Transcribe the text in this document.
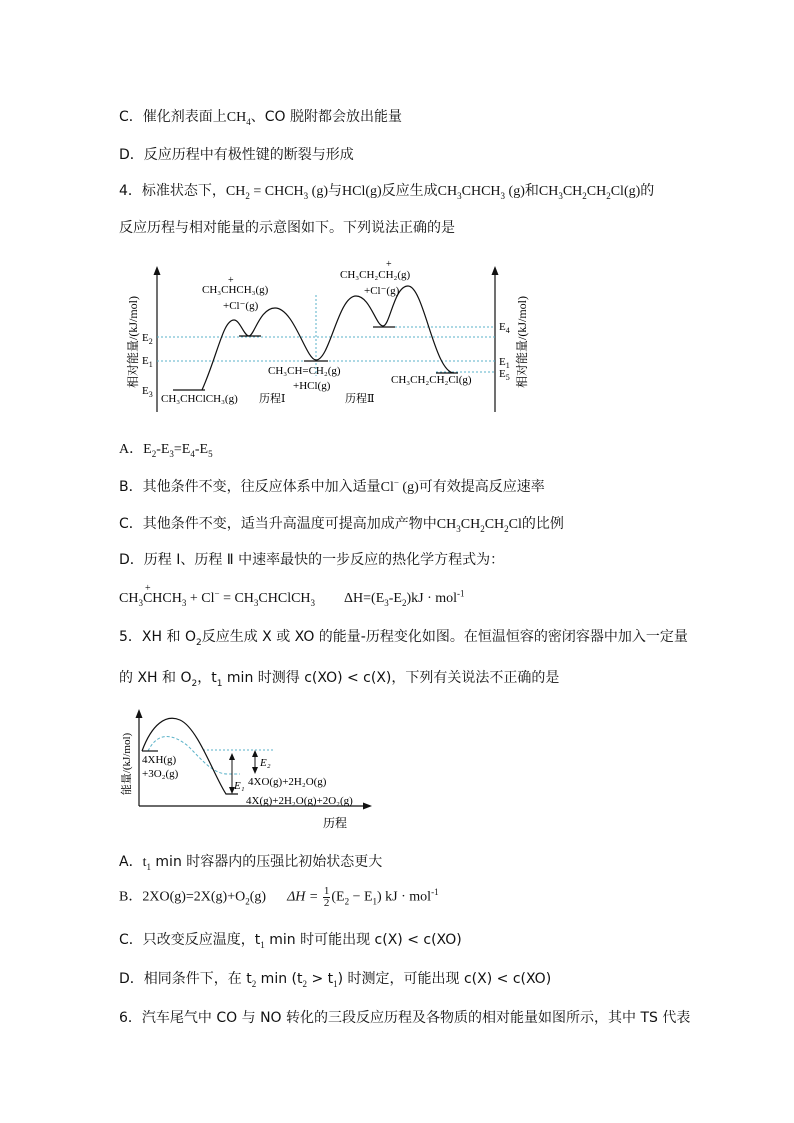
C．催化剂表面上$CH_4$、CO 脱附都会放出能量
D．反应历程中有极性键的断裂与形成
4．标准状态下，$CH_2$ = $CHCH_3$ (g)与HCl(g)反应生成$CH_3CHCH_3$ (g)和$CH_3CH_2CH_2Cl(g)$的
反应历程与相对能量的示意图如下。下列说法正确的是
相对能量/(kJ/mol)	相对能量/(kJ/mol)
$E_2$
$E_1$
$E_3$
$E_4$
$E_1$
$E_5$
CH₃CHClCH₃(g) 历程Ⅰ
CH₃CH=CH₂(g)
+HCl(g)
历程Ⅱ
CH₃CH₂CH₂Cl(g)
+
CH₃CHCH₃(g)
+Cl⁻(g)
+
CH₃CH₂CH₂(g)
+Cl⁻(g)
A．$E_2-E_3=E_4-E_5$
B．其他条件不变，往反应体系中加入适量Cl− (g)可有效提高反应速率
C．其他条件不变，适当升高温度可提高加成产物中$CH_3CH_2CH_2Cl$的比例
D．历程 Ⅰ、历程 Ⅱ 中速率最快的一步反应的热化学方程式为：
$CH_3$
+
$CHCH_3 + Cl^-$ = $CH_3CHClCH_3$ $\Delta H=(E_3-E_2)kJ \cdot mol^{-1}$
5．XH 和 $O_2$反应生成 X 或 XO 的能量-历程变化如图。在恒温恒容的密闭容器中加入一定量
的 XH 和 $O_2$，$t_1$ min 时测得 c(XO) < c(X)，下列有关说法不正确的是
能量/(kJ/mol)
历程
4XH(g)
+3O₂(g)
E₂
E₁ 4XO(g)+2H₂O(g)
4X(g)+2H₂O(g)+2O₂(g)
A．$t_1$ min 时容器内的压强比初始状态更大
B．$2XO(g)=2X(g)+O_2(g) \Delta H = \frac{1}{2} (E_2 - E_1)$ kJ · mol$^{-1}$
C．只改变反应温度，$t_1$ min 时可能出现 c(X) < c(XO)
D．相同条件下，在 $t_2$ $\min (t_2 > t_1)$ 时测定，可能出现 c(X) < c(XO)
6．汽车尾气中 CO 与 NO 转化的三段反应历程及各物质的相对能量如图所示，其中 TS 代表
